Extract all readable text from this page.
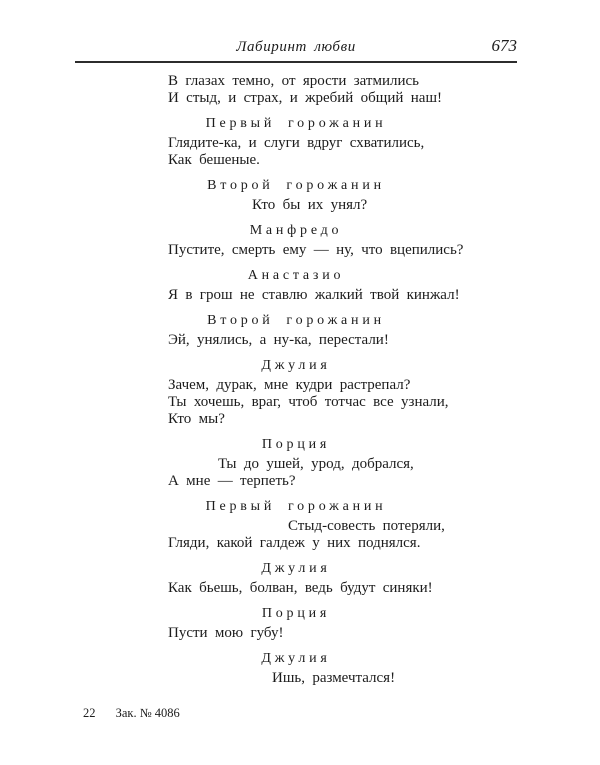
Лабиринт любви	673
В глазах темно, от ярости затмились
И стыд, и страх, и жребий общий наш!
Первый горожанин
Глядите-ка, и слуги вдруг схватились,
Как бешеные.
Второй горожанин
Кто бы их унял?
Манфредо
Пустите, смерть ему — ну, что вцепились?
Анастазио
Я в грош не ставлю жалкий твой кинжал!
Второй горожанин
Эй, унялись, а ну-ка, перестали!
Джулия
Зачем, дурак, мне кудри растрепал?
Ты хочешь, враг, чтоб тотчас все узнали,
Кто мы?
Порция
Ты до ушей, урод, добрался,
А мне — терпеть?
Первый горожанин
Стыд-совесть потеряли,
Гляди, какой галдеж у них поднялся.
Джулия
Как бьешь, болван, ведь будут синяки!
Порция
Пусти мою губу!
Джулия
Ишь, размечтался!
22 Зак. № 4086
